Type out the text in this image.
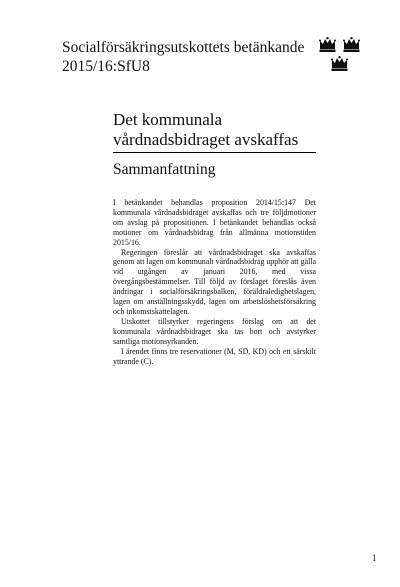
Socialförsäkringsutskottets betänkande
2015/16:SfU8
Det kommunala vårdnadsbidraget avskaffas
Sammanfattning

I betänkandet behandlas proposition 2014/15:147 Det kommunala vårdnadsbidraget avskaffas och tre följdmotioner om avslag på propositionen. I betänkandet behandlas också motioner om vårdnadsbidrag från allmänna motionstiden 2015/16.

Regeringen föreslår att vårdnadsbidraget ska avskaffas genom att lagen om kommunalt vårdnadsbidrag upphör att gälla vid utgången av januari 2016, med vissa övergångsbestämmelser. Till följd av förslaget föreslås även ändringar i socialförsäkringsbalken, föräldraledighetslagen, lagen om anställningsskydd, lagen om arbetslöshetsförsäkring och inkomstskattelagen.

Utskottet tillstyrker regeringens förslag om att det kommunala vårdnadsbidraget ska tas bort och avstyrker samtliga motionsyrkanden.

I ärendet finns tre reservationer (M, SD, KD) och ett särskilt yttrande (C).

1
